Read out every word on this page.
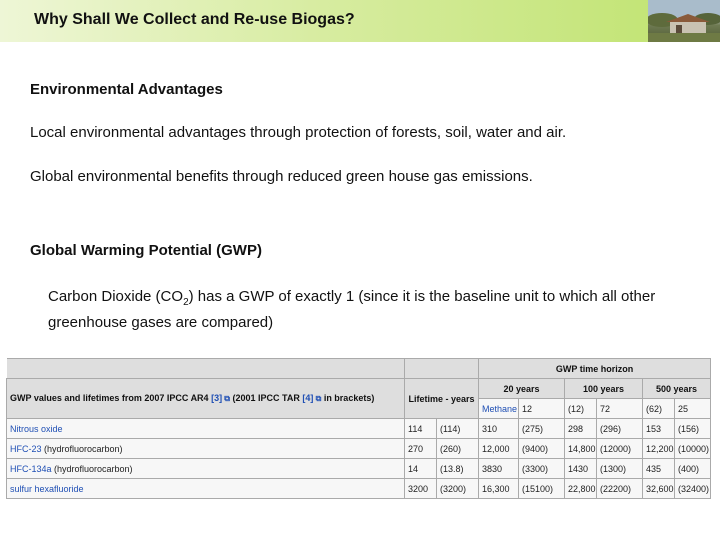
Why Shall We Collect and Re-use Biogas?
Environmental Advantages
Local environmental advantages through protection of forests, soil, water and air.
Global environmental benefits through reduced green house gas emissions.
Global Warming Potential (GWP)
Carbon Dioxide $(CO_2)$ has a GWP of exactly 1 (since it is the baseline unit to which all other greenhouse gases are compared)
			GWP time horizon						
GWP values and lifetimes from 2007 IPCC AR4 [3] ⧉ (2001 IPCC TAR [4] ⧉ in brackets)	Lifetime - years		20 years		100 years		500 years		
			Methane	12	(12)	72	(62)	25			
Nitrous oxide	114	(114)	310	(275)	298	(296)	153	(156)	
HFC-23 (hydrofluorocarbon)	270	(260)	12,000	(9400)	14,800	(12000)	12,200	(10000)	
HFC-134a (hydrofluorocarbon)	14	(13.8)	3830	(3300)	1430	(1300)	435	(400)	
sulfur hexafluoride	3200	(3200)	16,300	(15100)	22,800	(22200)	32,600	(32400)	
